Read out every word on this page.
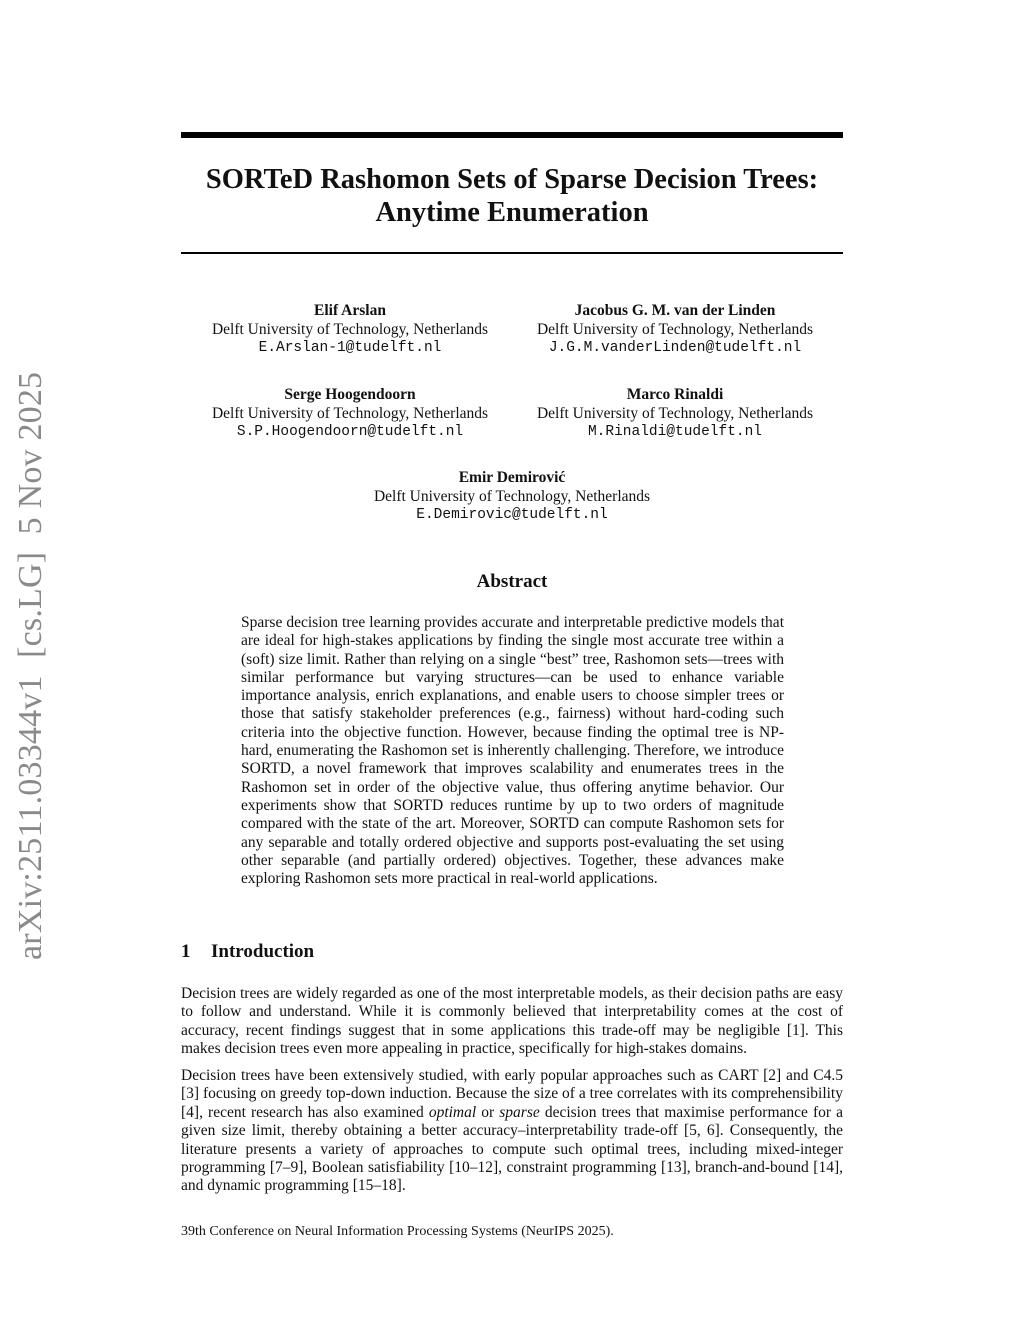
arXiv:2511.03344v1  [cs.LG]  5 Nov 2025
SORTeD Rashomon Sets of Sparse Decision Trees:
Anytime Enumeration
Elif Arslan
Delft University of Technology, Netherlands
E.Arslan-1@tudelft.nl
Jacobus G. M. van der Linden
Delft University of Technology, Netherlands
J.G.M.vanderLinden@tudelft.nl
Serge Hoogendoorn
Delft University of Technology, Netherlands
S.P.Hoogendoorn@tudelft.nl
Marco Rinaldi
Delft University of Technology, Netherlands
M.Rinaldi@tudelft.nl
Emir Demirović
Delft University of Technology, Netherlands
E.Demirovic@tudelft.nl
Abstract
Sparse decision tree learning provides accurate and interpretable predictive models that are ideal for high-stakes applications by finding the single most accurate tree within a (soft) size limit. Rather than relying on a single “best” tree, Rashomon sets—trees with similar performance but varying structures—can be used to enhance variable importance analysis, enrich explanations, and enable users to choose simpler trees or those that satisfy stakeholder preferences (e.g., fairness) without hard-coding such criteria into the objective function. However, because finding the optimal tree is NP-hard, enumerating the Rashomon set is inherently challenging. Therefore, we introduce SORTD, a novel framework that improves scalability and enumerates trees in the Rashomon set in order of the objective value, thus offering anytime behavior. Our experiments show that SORTD reduces runtime by up to two orders of magnitude compared with the state of the art. Moreover, SORTD can compute Rashomon sets for any separable and totally ordered objective and supports post-evaluating the set using other separable (and partially ordered) objectives. Together, these advances make exploring Rashomon sets more practical in real-world applications.
1 Introduction
Decision trees are widely regarded as one of the most interpretable models, as their decision paths are easy to follow and understand. While it is commonly believed that interpretability comes at the cost of accuracy, recent findings suggest that in some applications this trade-off may be negligible [1]. This makes decision trees even more appealing in practice, specifically for high-stakes domains.
Decision trees have been extensively studied, with early popular approaches such as CART [2] and C4.5 [3] focusing on greedy top-down induction. Because the size of a tree correlates with its comprehensibility [4], recent research has also examined optimal or sparse decision trees that maximise performance for a given size limit, thereby obtaining a better accuracy–interpretability trade-off [5, 6]. Consequently, the literature presents a variety of approaches to compute such optimal trees, including mixed-integer programming [7–9], Boolean satisfiability [10–12], constraint programming [13], branch-and-bound [14], and dynamic programming [15–18].
39th Conference on Neural Information Processing Systems (NeurIPS 2025).
